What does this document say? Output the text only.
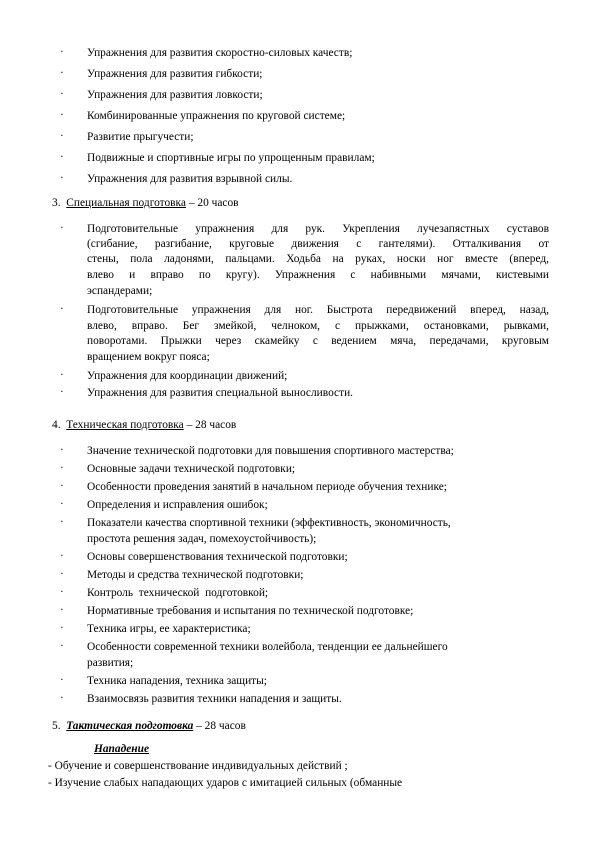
·	Упражнения для развития скоростно-силовых качеств;
·	Упражнения для развития гибкости;
·	Упражнения для развития ловкости;
·	Комбинированные упражнения по круговой системе;
·	Развитие прыгучести;
·	Подвижные и спортивные игры по упрощенным правилам;
·	Упражнения для развития взрывной силы.
3. Специальная подготовка – 20 часов
·	Подготовительные упражнения для рук. Укрепления лучезапястных суставов
(сгибание, разгибание, круговые движения с гантелями). Отталкивания от
стены, пола ладонями, пальцами. Ходьба на руках, носки ног вместе (вперед,
влево и вправо по кругу). Упражнения с набивными мячами, кистевыми
эспандерами;
·	Подготовительные упражнения для ног. Быстрота передвижений вперед, назад,
влево, вправо. Бег змейкой, челноком, с прыжками, остановками, рывками,
поворотами. Прыжки через скамейку с ведением мяча, передачами, круговым
вращением вокруг пояса;
·	Упражнения для координации движений;
·	Упражнения для развития специальной выносливости.
4. Техническая подготовка – 28 часов
·	Значение технической подготовки для повышения спортивного мастерства;
·	Основные задачи технической подготовки;
·	Особенности проведения занятий в начальном периоде обучения технике;
·	Определения и исправления ошибок;
·	Показатели качества спортивной техники (эффективность, экономичность,
простота решения задач, помехоустойчивость);
·	Основы совершенствования технической подготовки;
·	Методы и средства технической подготовки;
·	Контроль  технической  подготовкой;
·	Нормативные требования и испытания по технической подготовке;
·	Техника игры, ее характеристика;
·	Особенности современной техники волейбола, тенденции ее дальнейшего
развития;
·	Техника нападения, техника защиты;
·	Взаимосвязь развития техники нападения и защиты.
5. Тактическая подготовка – 28 часов
Нападение
- Обучение и совершенствование индивидуальных действий ;
- Изучение слабых нападающих ударов с имитацией сильных (обманные
